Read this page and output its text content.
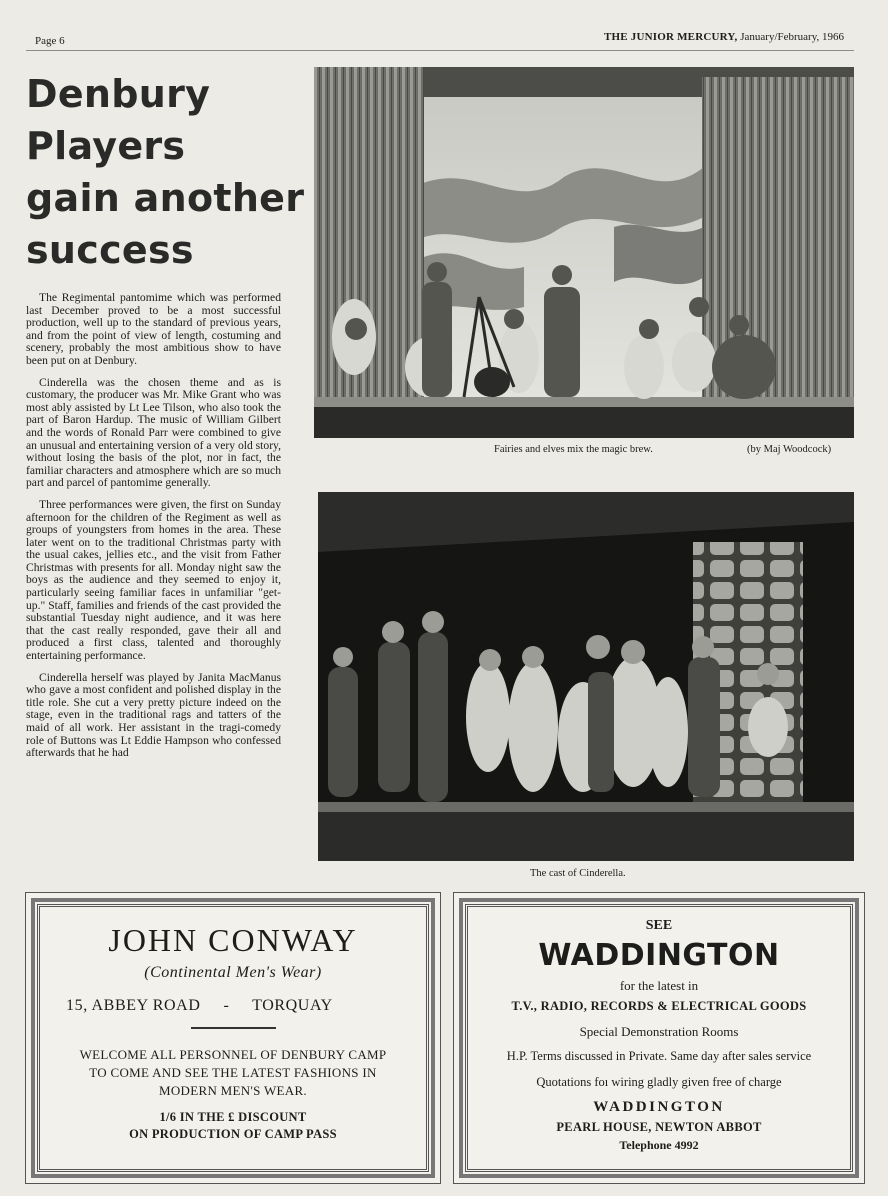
Page 6	THE JUNIOR MERCURY, January/February, 1966
Denbury
Players
gain another
success

The Regimental pantomime which was performed last December proved to be a most successful production, well up to the standard of previous years, and from the point of view of length, costuming and scenery, probably the most ambitious show to have been put on at Denbury.

Cinderella was the chosen theme and as is customary, the producer was Mr. Mike Grant who was most ably assisted by Lt Lee Tilson, who also took the part of Baron Hardup. The music of William Gilbert and the words of Ronald Parr were combined to give an unusual and entertaining version of a very old story, without losing the basis of the plot, nor in fact, the familiar characters and atmosphere which are so much part and parcel of pantomime generally.

Three performances were given, the first on Sunday afternoon for the children of the Regiment as well as groups of youngsters from homes in the area. These later went on to the traditional Christmas party with the usual cakes, jellies etc., and the visit from Father Christmas with presents for all. Monday night saw the boys as the audience and they seemed to enjoy it, particularly seeing familiar faces in unfamiliar "get-up." Staff, families and friends of the cast provided the substantial Tuesday night audience, and it was here that the cast really responded, gave their all and produced a first class, talented and thoroughly entertaining performance.

Cinderella herself was played by Janita MacManus who gave a most confident and polished display in the title role. She cut a very pretty picture indeed on the stage, even in the traditional rags and tatters of the maid of all work. Her assistant in the tragi-comedy role of Buttons was Lt Eddie Hampson who confessed afterwards that he had

Fairies and elves mix the magic brew.	(by Maj Woodcock)
The cast of Cinderella.
JOHN CONWAY
(Continental Men's Wear)
15, ABBEY ROAD     -     TORQUAY
WELCOME ALL PERSONNEL OF DENBURY CAMP
TO COME AND SEE THE LATEST FASHIONS IN
MODERN MEN'S WEAR.
1/6 IN THE £ DISCOUNT
ON PRODUCTION OF CAMP PASS
SEE
WADDINGTON
for the latest in
T.V., RADIO, RECORDS & ELECTRICAL GOODS
Special Demonstration Rooms
H.P. Terms discussed in Private. Same day after sales service
Quotations foı wiring gladly given free of charge
WADDINGTON
PEARL HOUSE, NEWTON ABBOT
Telephone 4992
